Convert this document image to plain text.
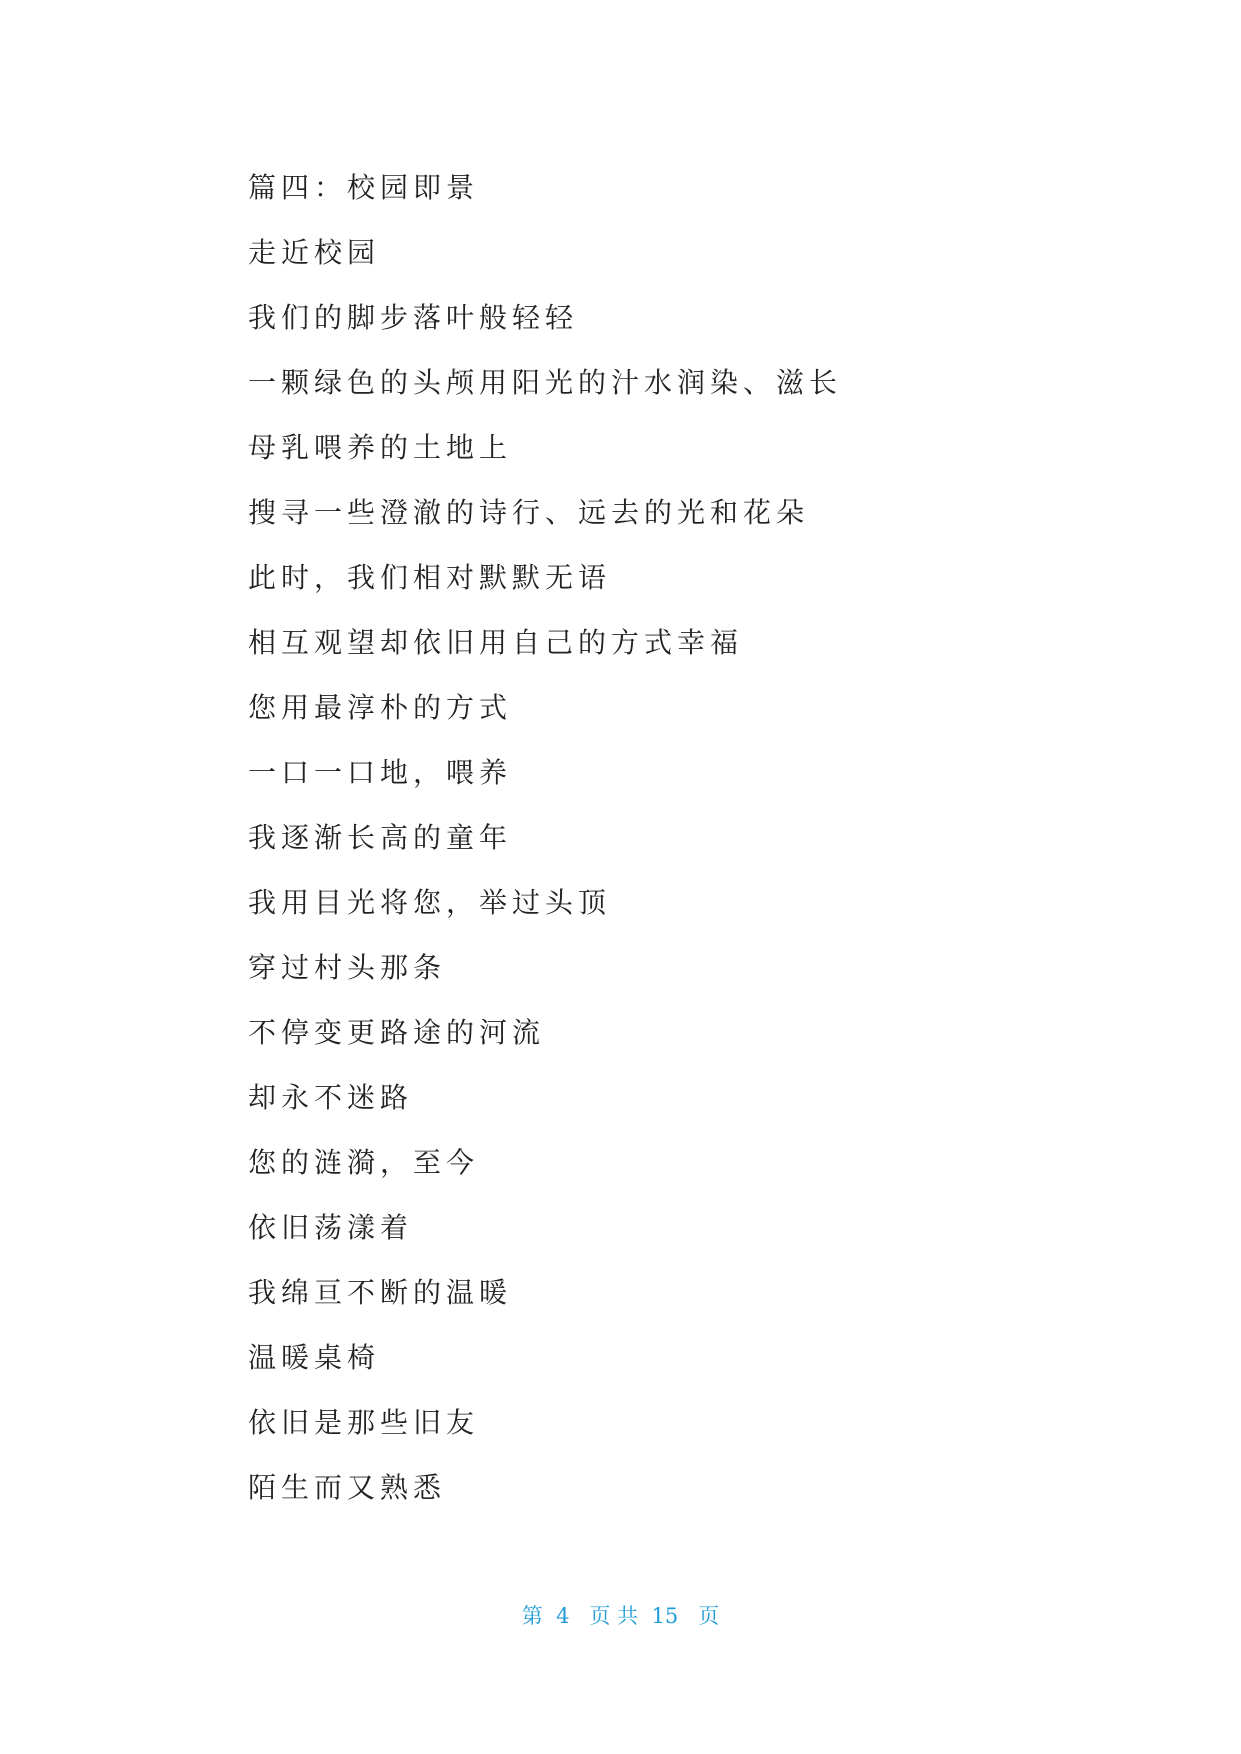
篇四：校园即景
走近校园
我们的脚步落叶般轻轻
一颗绿色的头颅用阳光的汁水润染、滋长
母乳喂养的土地上
搜寻一些澄澈的诗行、远去的光和花朵
此时，我们相对默默无语
相互观望却依旧用自己的方式幸福
您用最淳朴的方式
一口一口地，喂养
我逐渐长高的童年
我用目光将您，举过头顶
穿过村头那条
不停变更路途的河流
却永不迷路
您的涟漪，至今
依旧荡漾着
我绵亘不断的温暖
温暖桌椅
依旧是那些旧友
陌生而又熟悉
第  4   页 共  15   页
